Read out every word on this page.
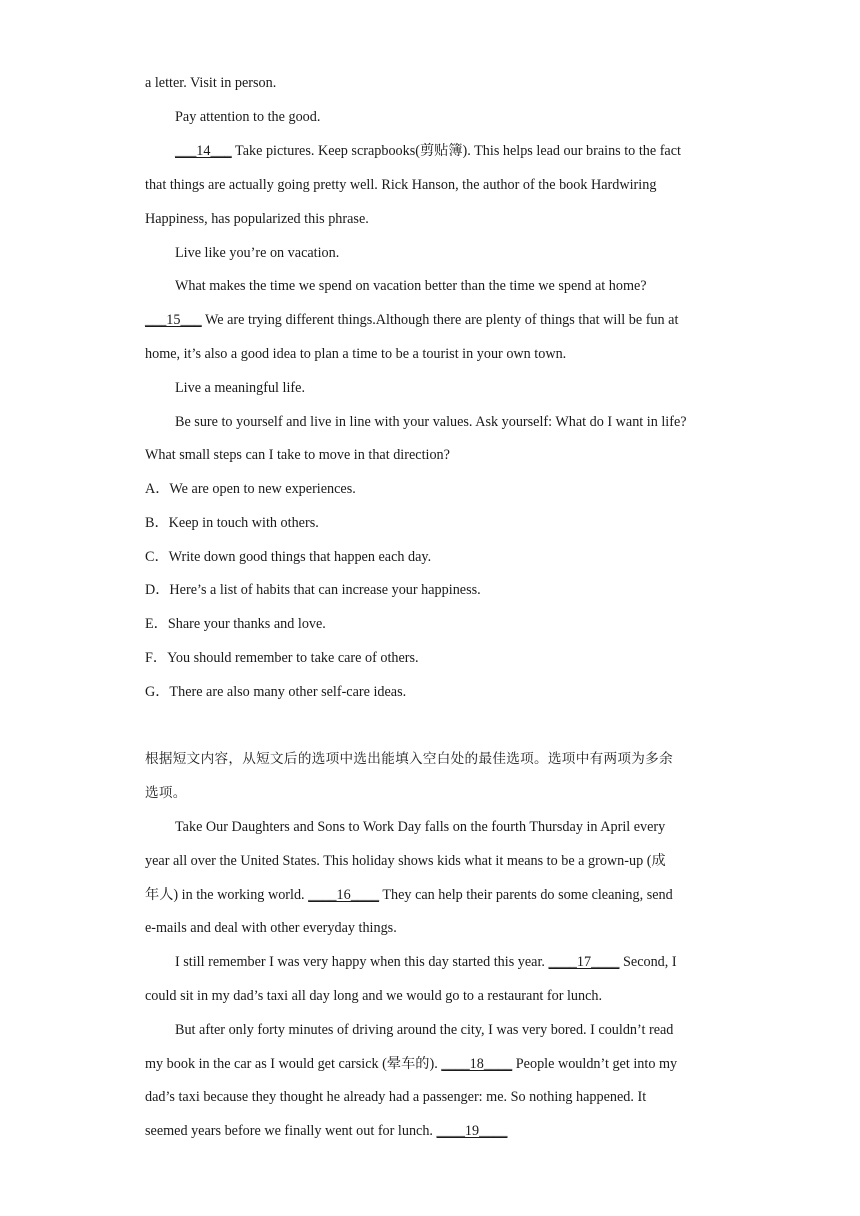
a letter. Visit in person.
Pay attention to the good.
___14___ Take pictures. Keep scrapbooks(剪贴簿). This helps lead our brains to the fact
that things are actually going pretty well. Rick Hanson, the author of the book Hardwiring
Happiness, has popularized this phrase.
Live like you’re on vacation.
What makes the time we spend on vacation better than the time we spend at home?
___15___ We are trying different things.Although there are plenty of things that will be fun at
home, it’s also a good idea to plan a time to be a tourist in your own town.
Live a meaningful life.
Be sure to yourself and live in line with your values. Ask yourself: What do I want in life?
What small steps can I take to move in that direction?
A．We are open to new experiences.
B．Keep in touch with others.
C．Write down good things that happen each day.
D．Here’s a list of habits that can increase your happiness.
E．Share your thanks and love.
F．You should remember to take care of others.
G．There are also many other self-care ideas.
根据短文内容，从短文后的选项中选出能填入空白处的最佳选项。选项中有两项为多余
选项。
Take Our Daughters and Sons to Work Day falls on the fourth Thursday in April every
year all over the United States. This holiday shows kids what it means to be a grown-up (成
年人) in the working world. ____16____ They can help their parents do some cleaning, send
e-mails and deal with other everyday things.
I still remember I was very happy when this day started this year. ____17____ Second, I
could sit in my dad’s taxi all day long and we would go to a restaurant for lunch.
But after only forty minutes of driving around the city, I was very bored. I couldn’t read
my book in the car as I would get carsick (晕车的). ____18____ People wouldn’t get into my
dad’s taxi because they thought he already had a passenger: me. So nothing happened. It
seemed years before we finally went out for lunch. ____19____
